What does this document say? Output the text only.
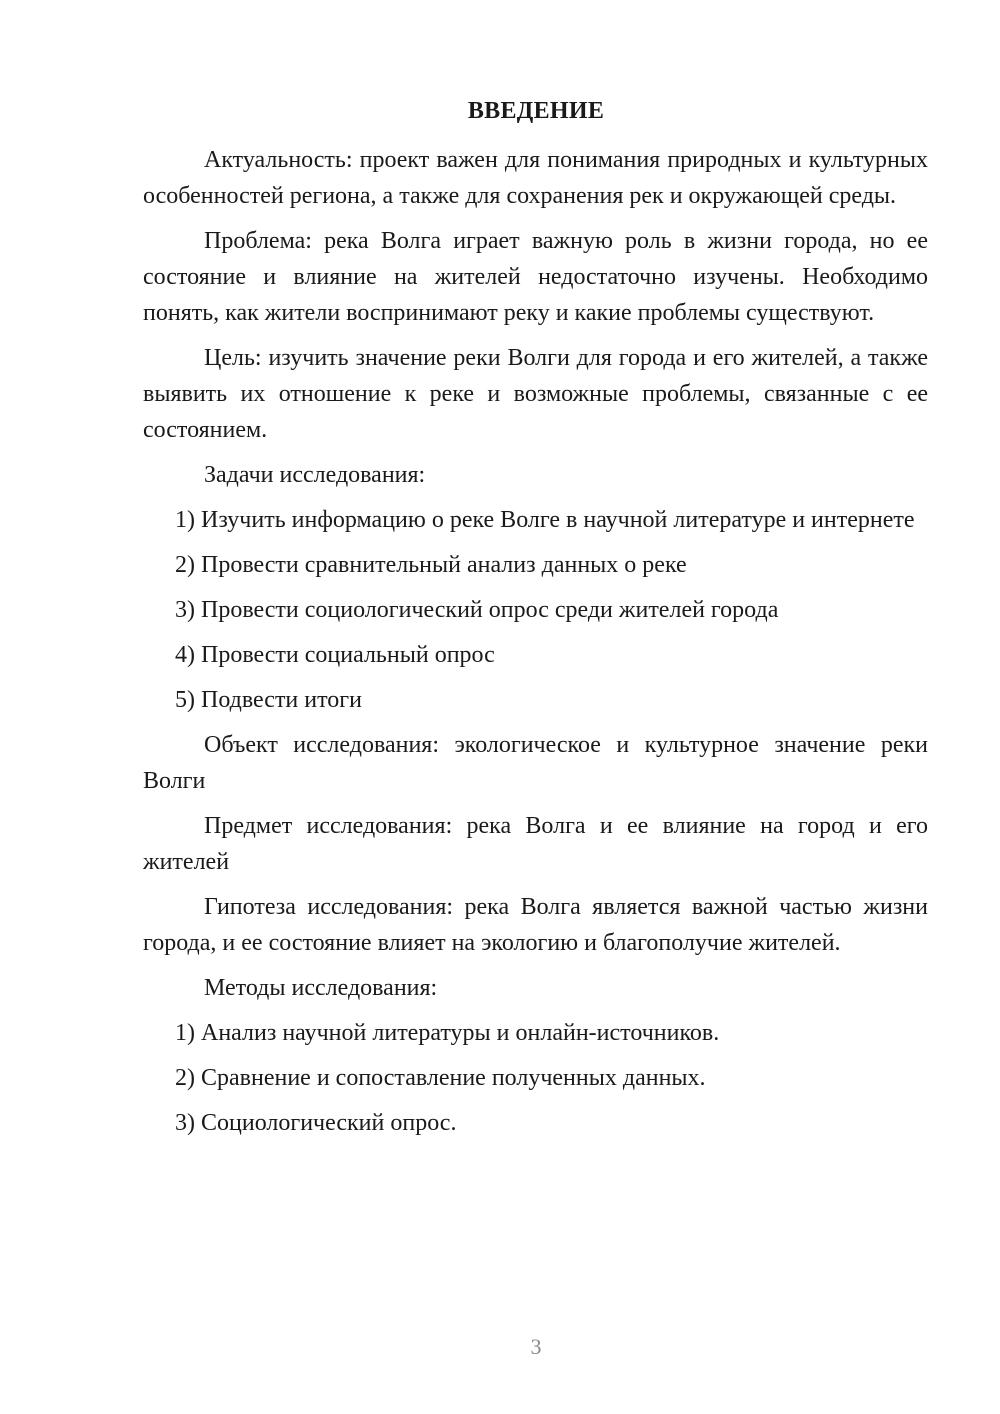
ВВЕДЕНИЕ

Актуальность: проект важен для понимания природных и культурных особенностей региона, а также для сохранения рек и окружающей среды.

Проблема: река Волга играет важную роль в жизни города, но ее состояние и влияние на жителей недостаточно изучены. Необходимо понять, как жители воспринимают реку и какие проблемы существуют.

Цель: изучить значение реки Волги для города и его жителей, а также выявить их отношение к реке и возможные проблемы, связанные с ее состоянием.

Задачи исследования:

1) Изучить информацию о реке Волге в научной литературе и интернете

2) Провести сравнительный анализ данных о реке

3) Провести социологический опрос среди жителей города

4) Провести социальный опрос

5) Подвести итоги

Объект исследования: экологическое и культурное значение реки Волги

Предмет исследования: река Волга и ее влияние на город и его жителей

Гипотеза исследования: река Волга является важной частью жизни города, и ее состояние влияет на экологию и благополучие жителей.

Методы исследования:

1) Анализ научной литературы и онлайн-источников.

2) Сравнение и сопоставление полученных данных.

3) Социологический опрос.

3
